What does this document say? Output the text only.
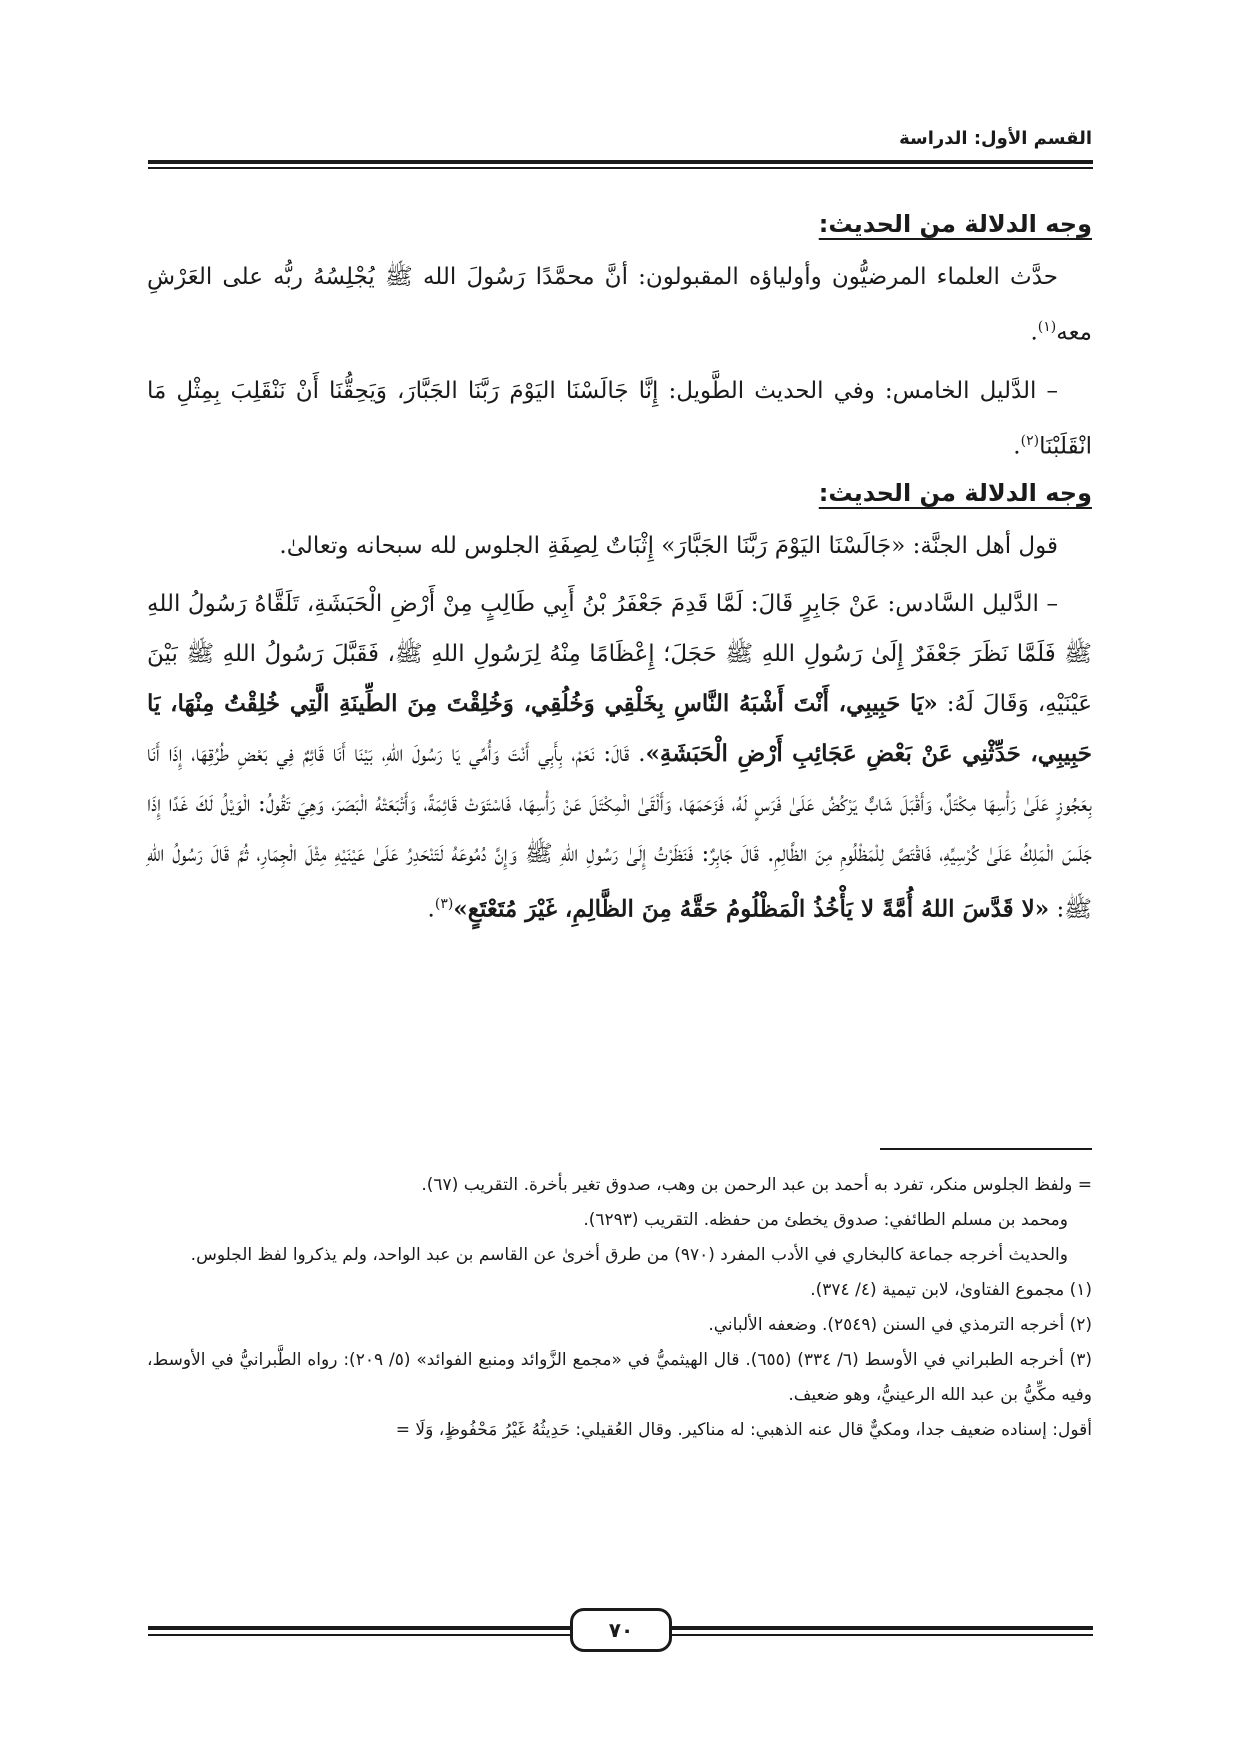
القسم الأول: الدراسة

وجه الدلالة من الحديث:

حدَّث العلماء المرضيُّون وأولياؤه المقبولون: أنَّ محمَّدًا رَسُولَ الله ﷺ يُجْلِسُهُ ربُّه على العَرْشِ معه$^{(١)}$.

– الدَّليل الخامس: وفي الحديث الطَّويل: إِنَّا جَالَسْنَا اليَوْمَ رَبَّنَا الجَبَّارَ، وَيَحِقُّنَا أَنْ نَنْقَلِبَ بِمِثْلِ مَا انْقَلَبْنَا$^{(٢)}$.

وجه الدلالة من الحديث:

قول أهل الجنَّة: «جَالَسْنَا اليَوْمَ رَبَّنَا الجَبَّارَ» إِثْبَاتٌ لِصِفَةِ الجلوس لله سبحانه وتعالىٰ.

– الدَّليل السَّادس: عَنْ جَابِرٍ قَالَ: لَمَّا قَدِمَ جَعْفَرُ بْنُ أَبِي طَالِبٍ مِنْ أَرْضِ الْحَبَشَةِ، تَلَقَّاهُ رَسُولُ اللهِ ﷺ فَلَمَّا نَظَرَ جَعْفَرٌ إِلَىٰ رَسُولِ اللهِ ﷺ حَجَلَ؛ إِعْظَامًا مِنْهُ لِرَسُولِ اللهِ ﷺ، فَقَبَّلَ رَسُولُ اللهِ ﷺ بَيْنَ عَيْنَيْهِ، وَقَالَ لَهُ: «يَا حَبِيبِي، أَنْتَ أَشْبَهُ النَّاسِ بِخَلْقِي وَخُلُقِي، وَخُلِقْتَ مِنَ الطِّينَةِ الَّتِي خُلِقْتُ مِنْهَا، يَا حَبِيبِي، حَدِّثْنِي عَنْ بَعْضِ عَجَائِبِ أَرْضِ الْحَبَشَةِ». قَالَ: نَعَمْ، بِأَبِي أَنْتَ وَأُمِّي يَا رَسُولَ اللهِ، بَيْنَا أَنَا قَائِمٌ فِي بَعْضِ طُرُقِهَا، إِذَا أَنَا بِعَجُوزٍ عَلَىٰ رَأْسِهَا مِكْتَلٌ، وَأَقْبَلَ شَابٌّ يَرْكُضُ عَلَىٰ فَرَسٍ لَهُ، فَزَحَمَهَا، وَأَلْقَىٰ الْمِكْتَلَ عَنْ رَأْسِهَا، فَاسْتَوَتْ قَائِمَةً، وَأَتْبَعَتْهُ الْبَصَرَ، وَهِيَ تَقُولُ: الْوَيْلُ لَكَ غَدًا إِذَا جَلَسَ الْمَلِكُ عَلَىٰ كُرْسِيِّهِ، فَاقْتَصَّ لِلْمَظْلُومِ مِنَ الظَّالِمِ. قَالَ جَابِرٌ: فَنَظَرْتُ إِلَىٰ رَسُولِ اللهِ ﷺ وَإِنَّ دُمُوعَهُ لَتَنْحَدِرُ عَلَىٰ عَيْنَيْهِ مِثْلَ الْجِمَارِ، ثُمَّ قَالَ رَسُولُ اللهِ ﷺ: «لا قَدَّسَ اللهُ أُمَّةً لا يَأْخُذُ الْمَظْلُومُ حَقَّهُ مِنَ الظَّالِمِ، غَيْرَ مُتَعْتَعٍ»$^{(٣)}$.

= ولفظ الجلوس منكر، تفرد به أحمد بن عبد الرحمن بن وهب، صدوق تغير بأخرة. التقريب (٦٧).

ومحمد بن مسلم الطائفي: صدوق يخطئ من حفظه. التقريب (٦٢٩٣).

والحديث أخرجه جماعة كالبخاري في الأدب المفرد (٩٧٠) من طرق أخرىٰ عن القاسم بن عبد الواحد، ولم يذكروا لفظ الجلوس.

(١) مجموع الفتاوىٰ، لابن تيمية (٤/ ٣٧٤).

(٢) أخرجه الترمذي في السنن (٢٥٤٩). وضعفه الألباني.

(٣) أخرجه الطبراني في الأوسط (٦/ ٣٣٤) (٦٥٥). قال الهيثميُّ في «مجمع الزَّوائد ومنبع الفوائد» (٥/ ٢٠٩): رواه الطَّبرانيُّ في الأوسط، وفيه مكِّيُّ بن عبد الله الرعينيُّ، وهو ضعيف.

أقول: إسناده ضعيف جدا، ومكيٌّ قال عنه الذهبي: له مناكير. وقال العُقيلي: حَدِيثُهُ غَيْرُ مَحْفُوظٍ، وَلَا =

٧٠
